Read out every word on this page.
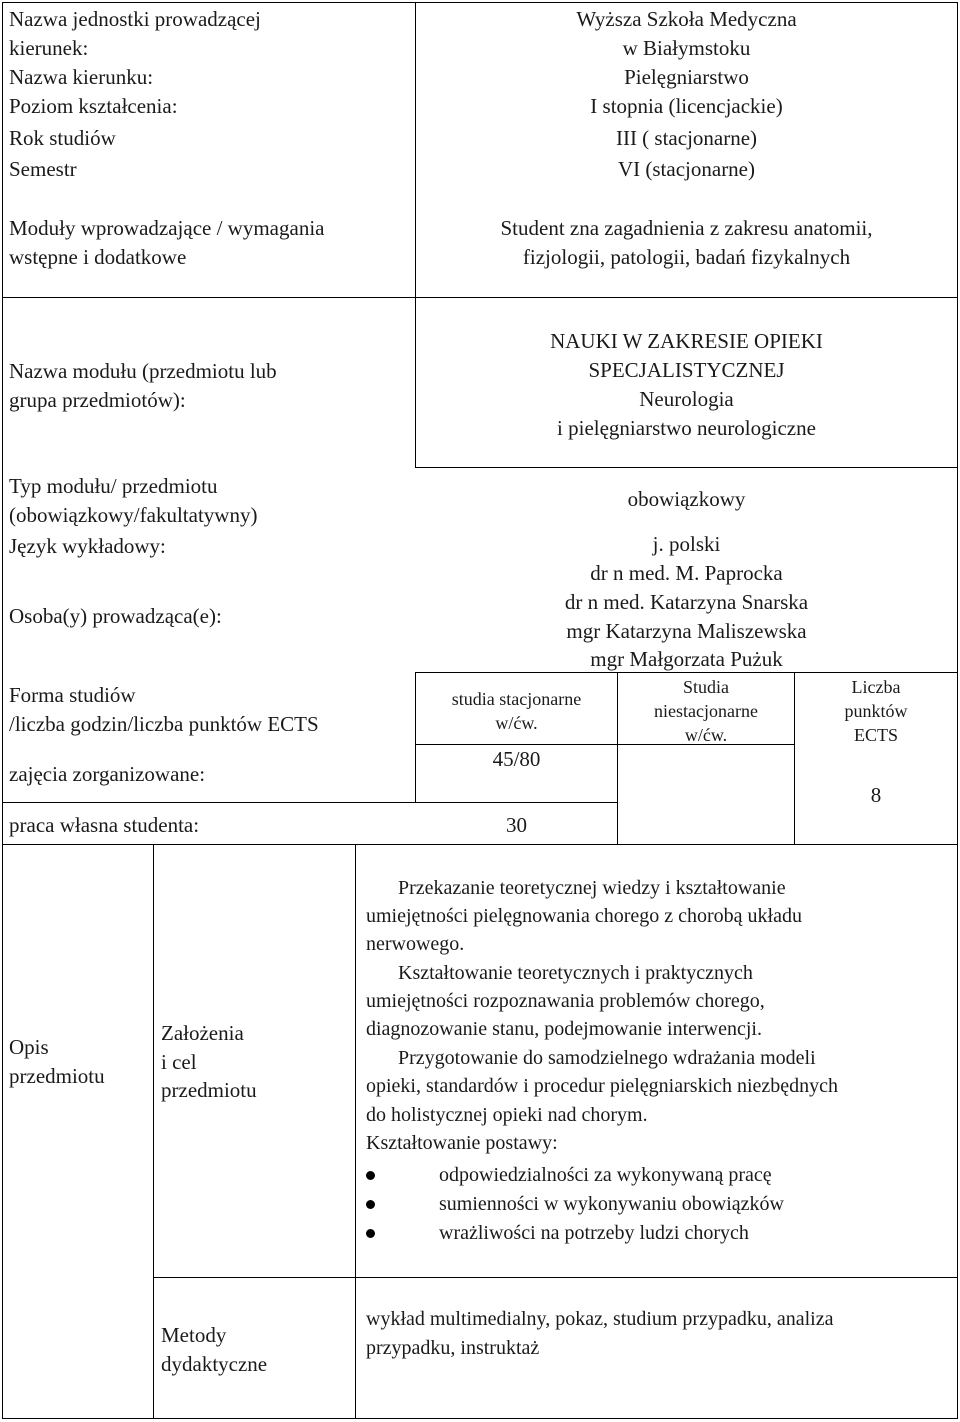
Nazwa jednostki prowadzącej
kierunek:
Nazwa kierunku:
Poziom kształcenia:
Rok studiów
Semestr
Wyższa Szkoła Medyczna
w Białymstoku
Pielęgniarstwo
I stopnia (licencjackie)
III ( stacjonarne)
VI (stacjonarne)
Moduły wprowadzające / wymagania
wstępne i dodatkowe
Student zna zagadnienia z zakresu anatomii,
fizjologii, patologii, badań fizykalnych
Nazwa modułu (przedmiotu lub
grupa przedmiotów):
NAUKI W ZAKRESIE OPIEKI
SPECJALISTYCZNEJ
Neurologia
i pielęgniarstwo neurologiczne
Typ modułu/ przedmiotu
(obowiązkowy/fakultatywny)
obowiązkowy
Język wykładowy:	j. polski
Osoba(y) prowadząca(e):
dr n med. M. Paprocka
dr n med. Katarzyna Snarska
mgr Katarzyna Maliszewska
mgr Małgorzata Pużuk
Forma studiów
/liczba godzin/liczba punktów ECTS
studia stacjonarne
w/ćw.
Studia
niestacjonarne
w/ćw.
Liczba
punktów
ECTS
zajęcia zorganizowane:
45/80
praca własna studenta:	30
8
Opis
przedmiotu
Założenia
i cel
przedmiotu
Przekazanie teoretycznej wiedzy i kształtowanie
umiejętności pielęgnowania chorego z chorobą układu
nerwowego.
Kształtowanie teoretycznych i praktycznych
umiejętności rozpoznawania problemów chorego,
diagnozowanie stanu, podejmowanie interwencji.
Przygotowanie do samodzielnego wdrażania modeli
opieki, standardów i procedur pielęgniarskich niezbędnych
do holistycznej opieki nad chorym.
Kształtowanie postawy:
odpowiedzialności za wykonywaną pracę
sumienności w wykonywaniu obowiązków
wrażliwości na potrzeby ludzi chorych
Metody
dydaktyczne
wykład multimedialny, pokaz, studium przypadku, analiza
przypadku, instruktaż
